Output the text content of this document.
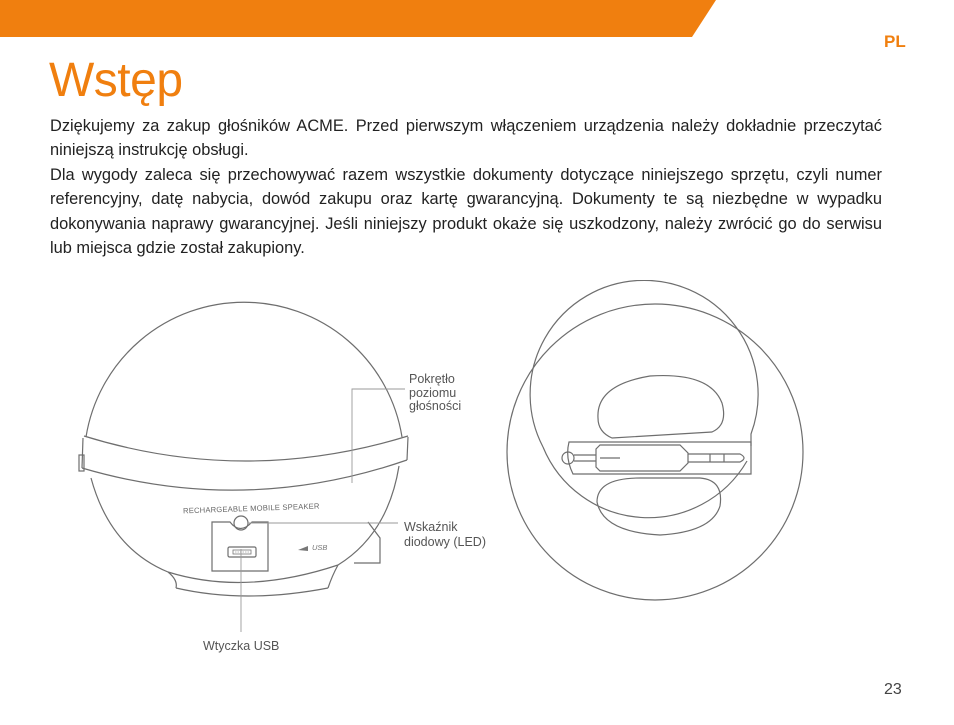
PL
Wstęp

Dziękujemy za zakup głośników ACME. Przed pierwszym włączeniem urządzenia należy dokładnie przeczytać niniejszą instrukcję obsługi.

Dla wygody zaleca się przechowywać razem wszystkie dokumenty dotyczące niniejszego sprzętu, czyli numer referencyjny, datę nabycia, dowód zakupu oraz kartę gwarancyjną. Dokumenty te są niezbędne w wypadku dokonywania naprawy gwarancyjnej. Jeśli niniejszy produkt okaże się uszkodzony, należy zwrócić go do serwisu lub miejsca gdzie został zakupiony.

RECHARGEABLE MOBILE SPEAKER
USB
Pokrętło
poziomu
głośności
Wskaźnik
diodowy (LED)
Wtyczka USB
23
